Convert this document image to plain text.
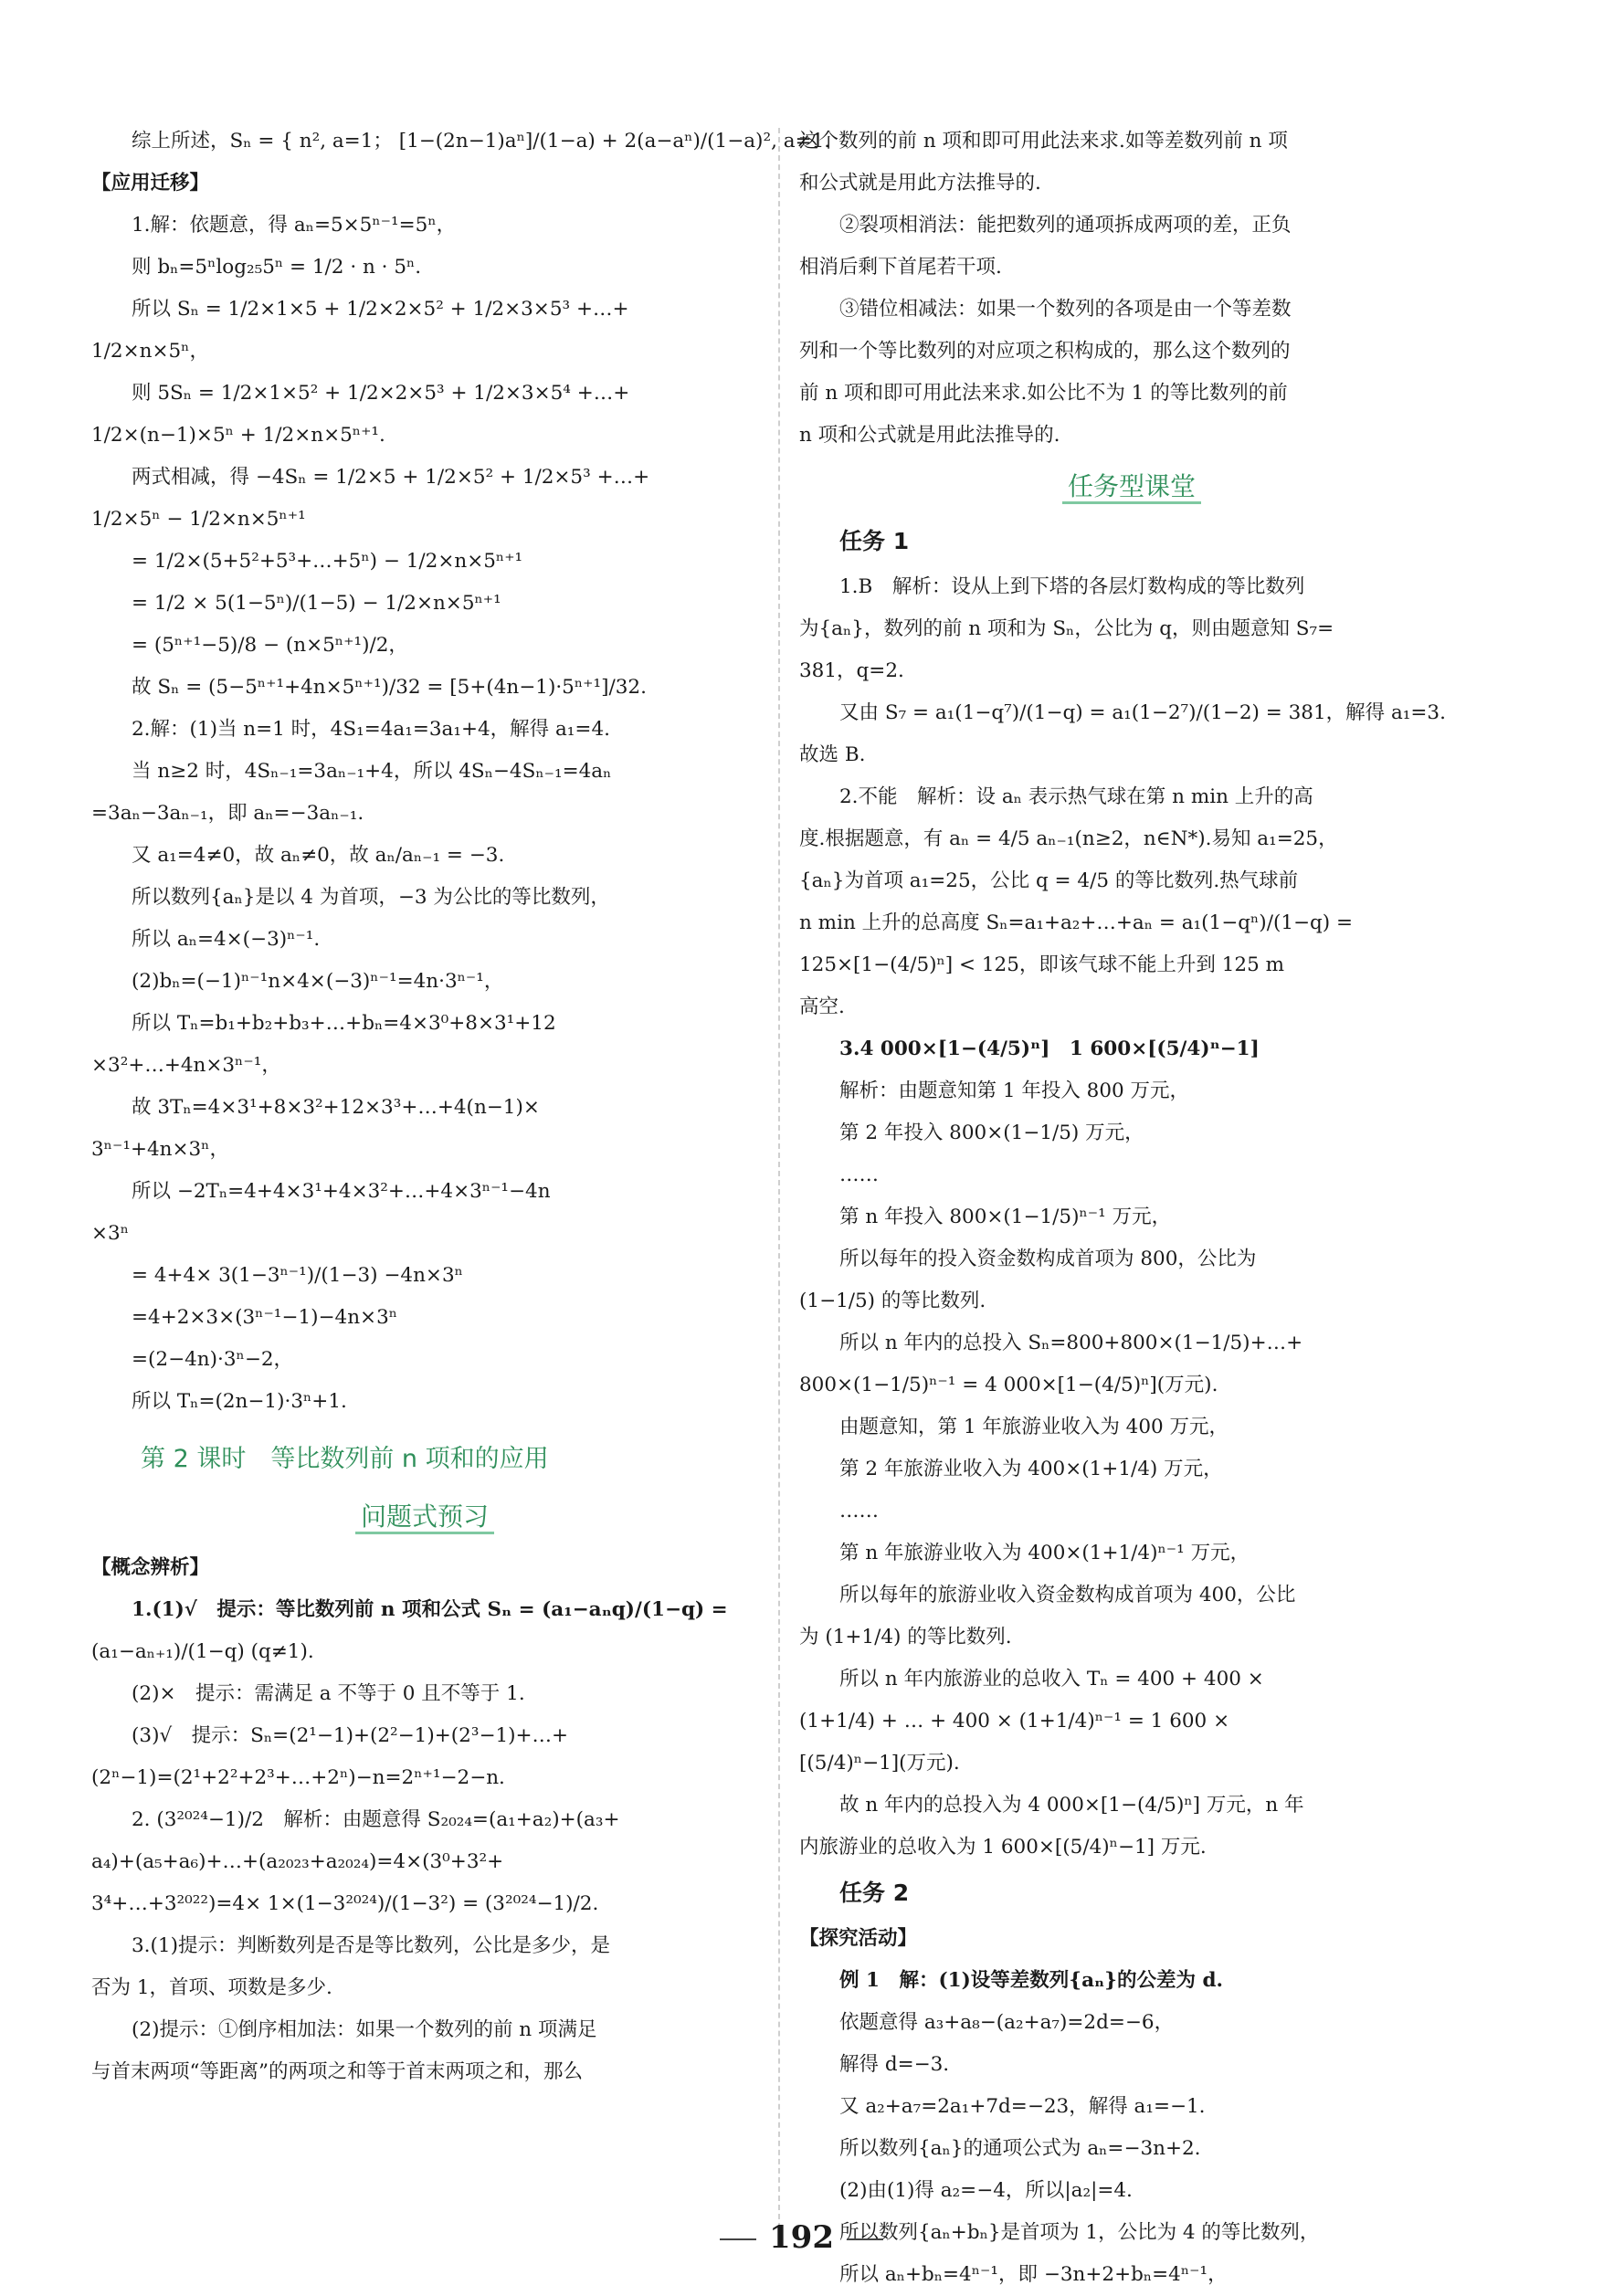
综上所述，Sₙ = { n², a=1； [1−(2n−1)aⁿ]/(1−a) + 2(a−aⁿ)/(1−a)², a≠1.

【应用迁移】

1.解：依题意，得 aₙ=5×5ⁿ⁻¹=5ⁿ，

则 bₙ=5ⁿlog₂₅5ⁿ = 1/2 · n · 5ⁿ.

所以 Sₙ = 1/2×1×5 + 1/2×2×5² + 1/2×3×5³ +…+

1/2×n×5ⁿ，

则 5Sₙ = 1/2×1×5² + 1/2×2×5³ + 1/2×3×5⁴ +…+

1/2×(n−1)×5ⁿ + 1/2×n×5ⁿ⁺¹.

两式相减，得 −4Sₙ = 1/2×5 + 1/2×5² + 1/2×5³ +…+

1/2×5ⁿ − 1/2×n×5ⁿ⁺¹

= 1/2×(5+5²+5³+…+5ⁿ) − 1/2×n×5ⁿ⁺¹

= 1/2 × 5(1−5ⁿ)/(1−5) − 1/2×n×5ⁿ⁺¹

= (5ⁿ⁺¹−5)/8 − (n×5ⁿ⁺¹)/2，

故 Sₙ = (5−5ⁿ⁺¹+4n×5ⁿ⁺¹)/32 = [5+(4n−1)·5ⁿ⁺¹]/32.

2.解：(1)当 n=1 时，4S₁=4a₁=3a₁+4，解得 a₁=4.

当 n≥2 时，4Sₙ₋₁=3aₙ₋₁+4，所以 4Sₙ−4Sₙ₋₁=4aₙ

=3aₙ−3aₙ₋₁，即 aₙ=−3aₙ₋₁.

又 a₁=4≠0，故 aₙ≠0，故 aₙ/aₙ₋₁ = −3.

所以数列{aₙ}是以 4 为首项，−3 为公比的等比数列，

所以 aₙ=4×(−3)ⁿ⁻¹.

(2)bₙ=(−1)ⁿ⁻¹n×4×(−3)ⁿ⁻¹=4n·3ⁿ⁻¹，

所以 Tₙ=b₁+b₂+b₃+…+bₙ=4×3⁰+8×3¹+12

×3²+…+4n×3ⁿ⁻¹，

故 3Tₙ=4×3¹+8×3²+12×3³+…+4(n−1)×

3ⁿ⁻¹+4n×3ⁿ，

所以 −2Tₙ=4+4×3¹+4×3²+…+4×3ⁿ⁻¹−4n

×3ⁿ

= 4+4× 3(1−3ⁿ⁻¹)/(1−3) −4n×3ⁿ

=4+2×3×(3ⁿ⁻¹−1)−4n×3ⁿ

=(2−4n)·3ⁿ−2，

所以 Tₙ=(2n−1)·3ⁿ+1.

第 2 课时　等比数列前 n 项和的应用

问题式预习

【概念辨析】

1.(1)√　提示：等比数列前 n 项和公式 Sₙ = (a₁−aₙq)/(1−q) =

(a₁−aₙ₊₁)/(1−q) (q≠1).

(2)×　提示：需满足 a 不等于 0 且不等于 1.

(3)√　提示：Sₙ=(2¹−1)+(2²−1)+(2³−1)+…+

(2ⁿ−1)=(2¹+2²+2³+…+2ⁿ)−n=2ⁿ⁺¹−2−n.

2. (3²⁰²⁴−1)/2　解析：由题意得 S₂₀₂₄=(a₁+a₂)+(a₃+

a₄)+(a₅+a₆)+…+(a₂₀₂₃+a₂₀₂₄)=4×(3⁰+3²+

3⁴+…+3²⁰²²)=4× 1×(1−3²⁰²⁴)/(1−3²) = (3²⁰²⁴−1)/2.

3.(1)提示：判断数列是否是等比数列，公比是多少，是

否为 1，首项、项数是多少.

(2)提示：①倒序相加法：如果一个数列的前 n 项满足

与首末两项“等距离”的两项之和等于首末两项之和，那么

这个数列的前 n 项和即可用此法来求.如等差数列前 n 项

和公式就是用此方法推导的.

②裂项相消法：能把数列的通项拆成两项的差，正负

相消后剩下首尾若干项.

③错位相减法：如果一个数列的各项是由一个等差数

列和一个等比数列的对应项之积构成的，那么这个数列的

前 n 项和即可用此法来求.如公比不为 1 的等比数列的前

n 项和公式就是用此法推导的.

任务型课堂

任务 1

1.B　解析：设从上到下塔的各层灯数构成的等比数列

为{aₙ}，数列的前 n 项和为 Sₙ，公比为 q，则由题意知 S₇=

381，q=2.

又由 S₇ = a₁(1−q⁷)/(1−q) = a₁(1−2⁷)/(1−2) = 381，解得 a₁=3.

故选 B.

2.不能　解析：设 aₙ 表示热气球在第 n min 上升的高

度.根据题意，有 aₙ = 4/5 aₙ₋₁(n≥2，n∈N*).易知 a₁=25，

{aₙ}为首项 a₁=25，公比 q = 4/5 的等比数列.热气球前

n min 上升的总高度 Sₙ=a₁+a₂+…+aₙ = a₁(1−qⁿ)/(1−q) =

125×[1−(4/5)ⁿ] < 125，即该气球不能上升到 125 m

高空.

3.4 000×[1−(4/5)ⁿ]　1 600×[(5/4)ⁿ−1]

解析：由题意知第 1 年投入 800 万元，

第 2 年投入 800×(1−1/5) 万元，

……

第 n 年投入 800×(1−1/5)ⁿ⁻¹ 万元，

所以每年的投入资金数构成首项为 800，公比为

(1−1/5) 的等比数列.

所以 n 年内的总投入 Sₙ=800+800×(1−1/5)+…+

800×(1−1/5)ⁿ⁻¹ = 4 000×[1−(4/5)ⁿ](万元).

由题意知，第 1 年旅游业收入为 400 万元，

第 2 年旅游业收入为 400×(1+1/4) 万元，

……

第 n 年旅游业收入为 400×(1+1/4)ⁿ⁻¹ 万元，

所以每年的旅游业收入资金数构成首项为 400，公比

为 (1+1/4) 的等比数列.

所以 n 年内旅游业的总收入 Tₙ = 400 + 400 ×

(1+1/4) + … + 400 × (1+1/4)ⁿ⁻¹ = 1 600 ×

[(5/4)ⁿ−1](万元).

故 n 年内的总投入为 4 000×[1−(4/5)ⁿ] 万元，n 年

内旅游业的总收入为 1 600×[(5/4)ⁿ−1] 万元.

任务 2

【探究活动】

例 1　解：(1)设等差数列{aₙ}的公差为 d.

依题意得 a₃+a₈−(a₂+a₇)=2d=−6，

解得 d=−3.

又 a₂+a₇=2a₁+7d=−23，解得 a₁=−1.

所以数列{aₙ}的通项公式为 aₙ=−3n+2.

(2)由(1)得 a₂=−4，所以|a₂|=4.

所以数列{aₙ+bₙ}是首项为 1，公比为 4 的等比数列，

所以 aₙ+bₙ=4ⁿ⁻¹，即 −3n+2+bₙ=4ⁿ⁻¹，

192
